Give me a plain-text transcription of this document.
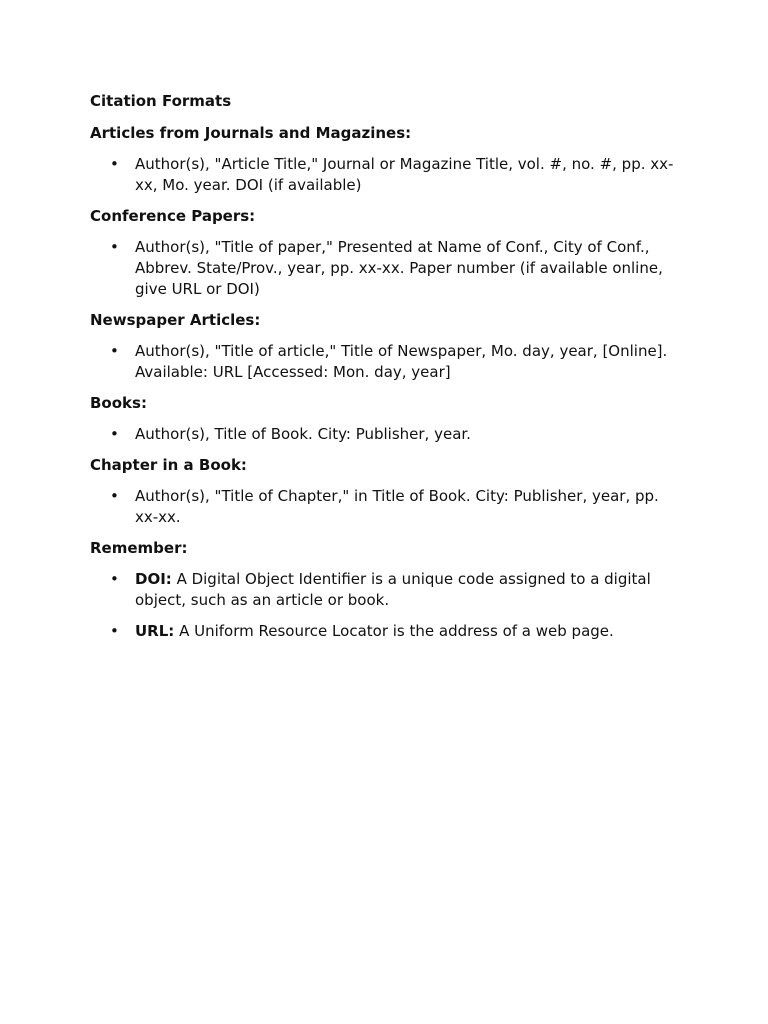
Citation Formats
Articles from Journals and Magazines:
• Author(s), "Article Title," Journal or Magazine Title, vol. #, no. #, pp. xx-xx, Mo. year. DOI (if available)
Conference Papers:
• Author(s), "Title of paper," Presented at Name of Conf., City of Conf., Abbrev. State/Prov., year, pp. xx-xx. Paper number (if available online, give URL or DOI)
Newspaper Articles:
• Author(s), "Title of article," Title of Newspaper, Mo. day, year, [Online]. Available: URL [Accessed: Mon. day, year]
Books:
• Author(s), Title of Book. City: Publisher, year.
Chapter in a Book:
• Author(s), "Title of Chapter," in Title of Book. City: Publisher, year, pp. xx-xx.
Remember:
• DOI: A Digital Object Identifier is a unique code assigned to a digital object, such as an article or book.
• URL: A Uniform Resource Locator is the address of a web page.
